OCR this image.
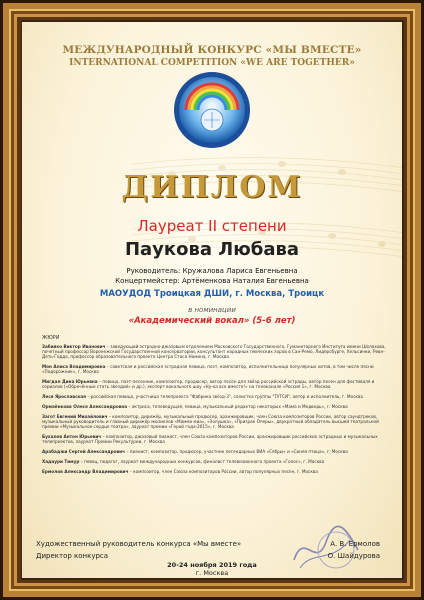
МЕЖДУНАРОДНЫЙ КОНКУРС «МЫ ВМЕСТЕ»
INTERNATIONAL COMPETITION «WE ARE TOGETHER»
ДИПЛОМ
Лауреат II степени
Паукова Любава
Руководитель: Кружалова Лариса Евгеньевна
Концертмейстер: Артёменкова Наталия Евгеньевна
МАОУДОД Троицкая ДШИ, г. Москва, Троицк
в номинации
«Академический вокал» (5-6 лет)
ЖЮРИ
Забияко Виктор Иванович – заведующий эстрадно-джазовым отделением Московского Государственного, Гуманитарного Института имени Шолохова, почетный профессор Воронежской Государственной консерватории, консультант народных певческих хоров в Сан-Ремо, Лидерсбурге, Хельсинки, Ревн-Деть-Годда, профессор образовательного проекта Центра Стаса Намина, г. Москва
Мон Алиса Владимировна – советская и российская эстрадная певица, поэт, композитор, исполнительница популярных хитов, в том числе песни «Подорожник», г. Москва
Мигдал Дина Юрьевна – певица, поэт-песенник, композитор, продюсер, автор песен для звёзд российской эстрады, автор песен для фестиваля и сериалов («Обречённые стать звездой» и др.), эксперт вокального шоу «Ну-ка все вместе!» на телеканале «Россия 1», г. Москва
Леся Ярославская – российская певица, участница телепроекта "Фабрика звёзд-3", солистка группы "ТУТСИ", автор и исполнитель, г. Москва
Ормаёнкова Олеся Александровна – актриса, телеведущая, певица, музыкальный редактор некоторых «Мама и Медведь», г. Москва
Загот Евгений Михайлович – композитор, дирижёр, музыкальный продюсер, аранжировщик, член Союза композиторов России, автор саундтреков, музыкальный руководитель и главный дирижёр мюзиклов «Мамма миа», «Золушка», «Призрак Оперы», двукратный обладатель высшей театральной премии «Музыкальное сердце театра», лауреат премии «Герой года-2015», г. Москва
Бухалов Антон Юрьевич – композитор, джазовый пианист, член Союза композиторов России, аранжировщик российских эстрадных и музыкальных телепроектов, лауреат Премии Рекультурии, г. Москва
Арабаджи Сергей Александрович – пианист, композитор, продюсер, участник легендарных ВИА «Сябры» и «Синяя птица», г. Москва
Хадаури Тимур – певец, педагог, лауреат международных конкурсов, финалист телевизионного проекта «Голос», г. Москва
Ермолов Александр Владимирович – композитор, член Союза композиторов России, автор популярных песен, г. Москва
Художественный руководитель конкурса «Мы вместе»	А. В. Ермолов
Директор конкурса	О. Шайдурова
20-24 ноября 2019 года
г. Москва
